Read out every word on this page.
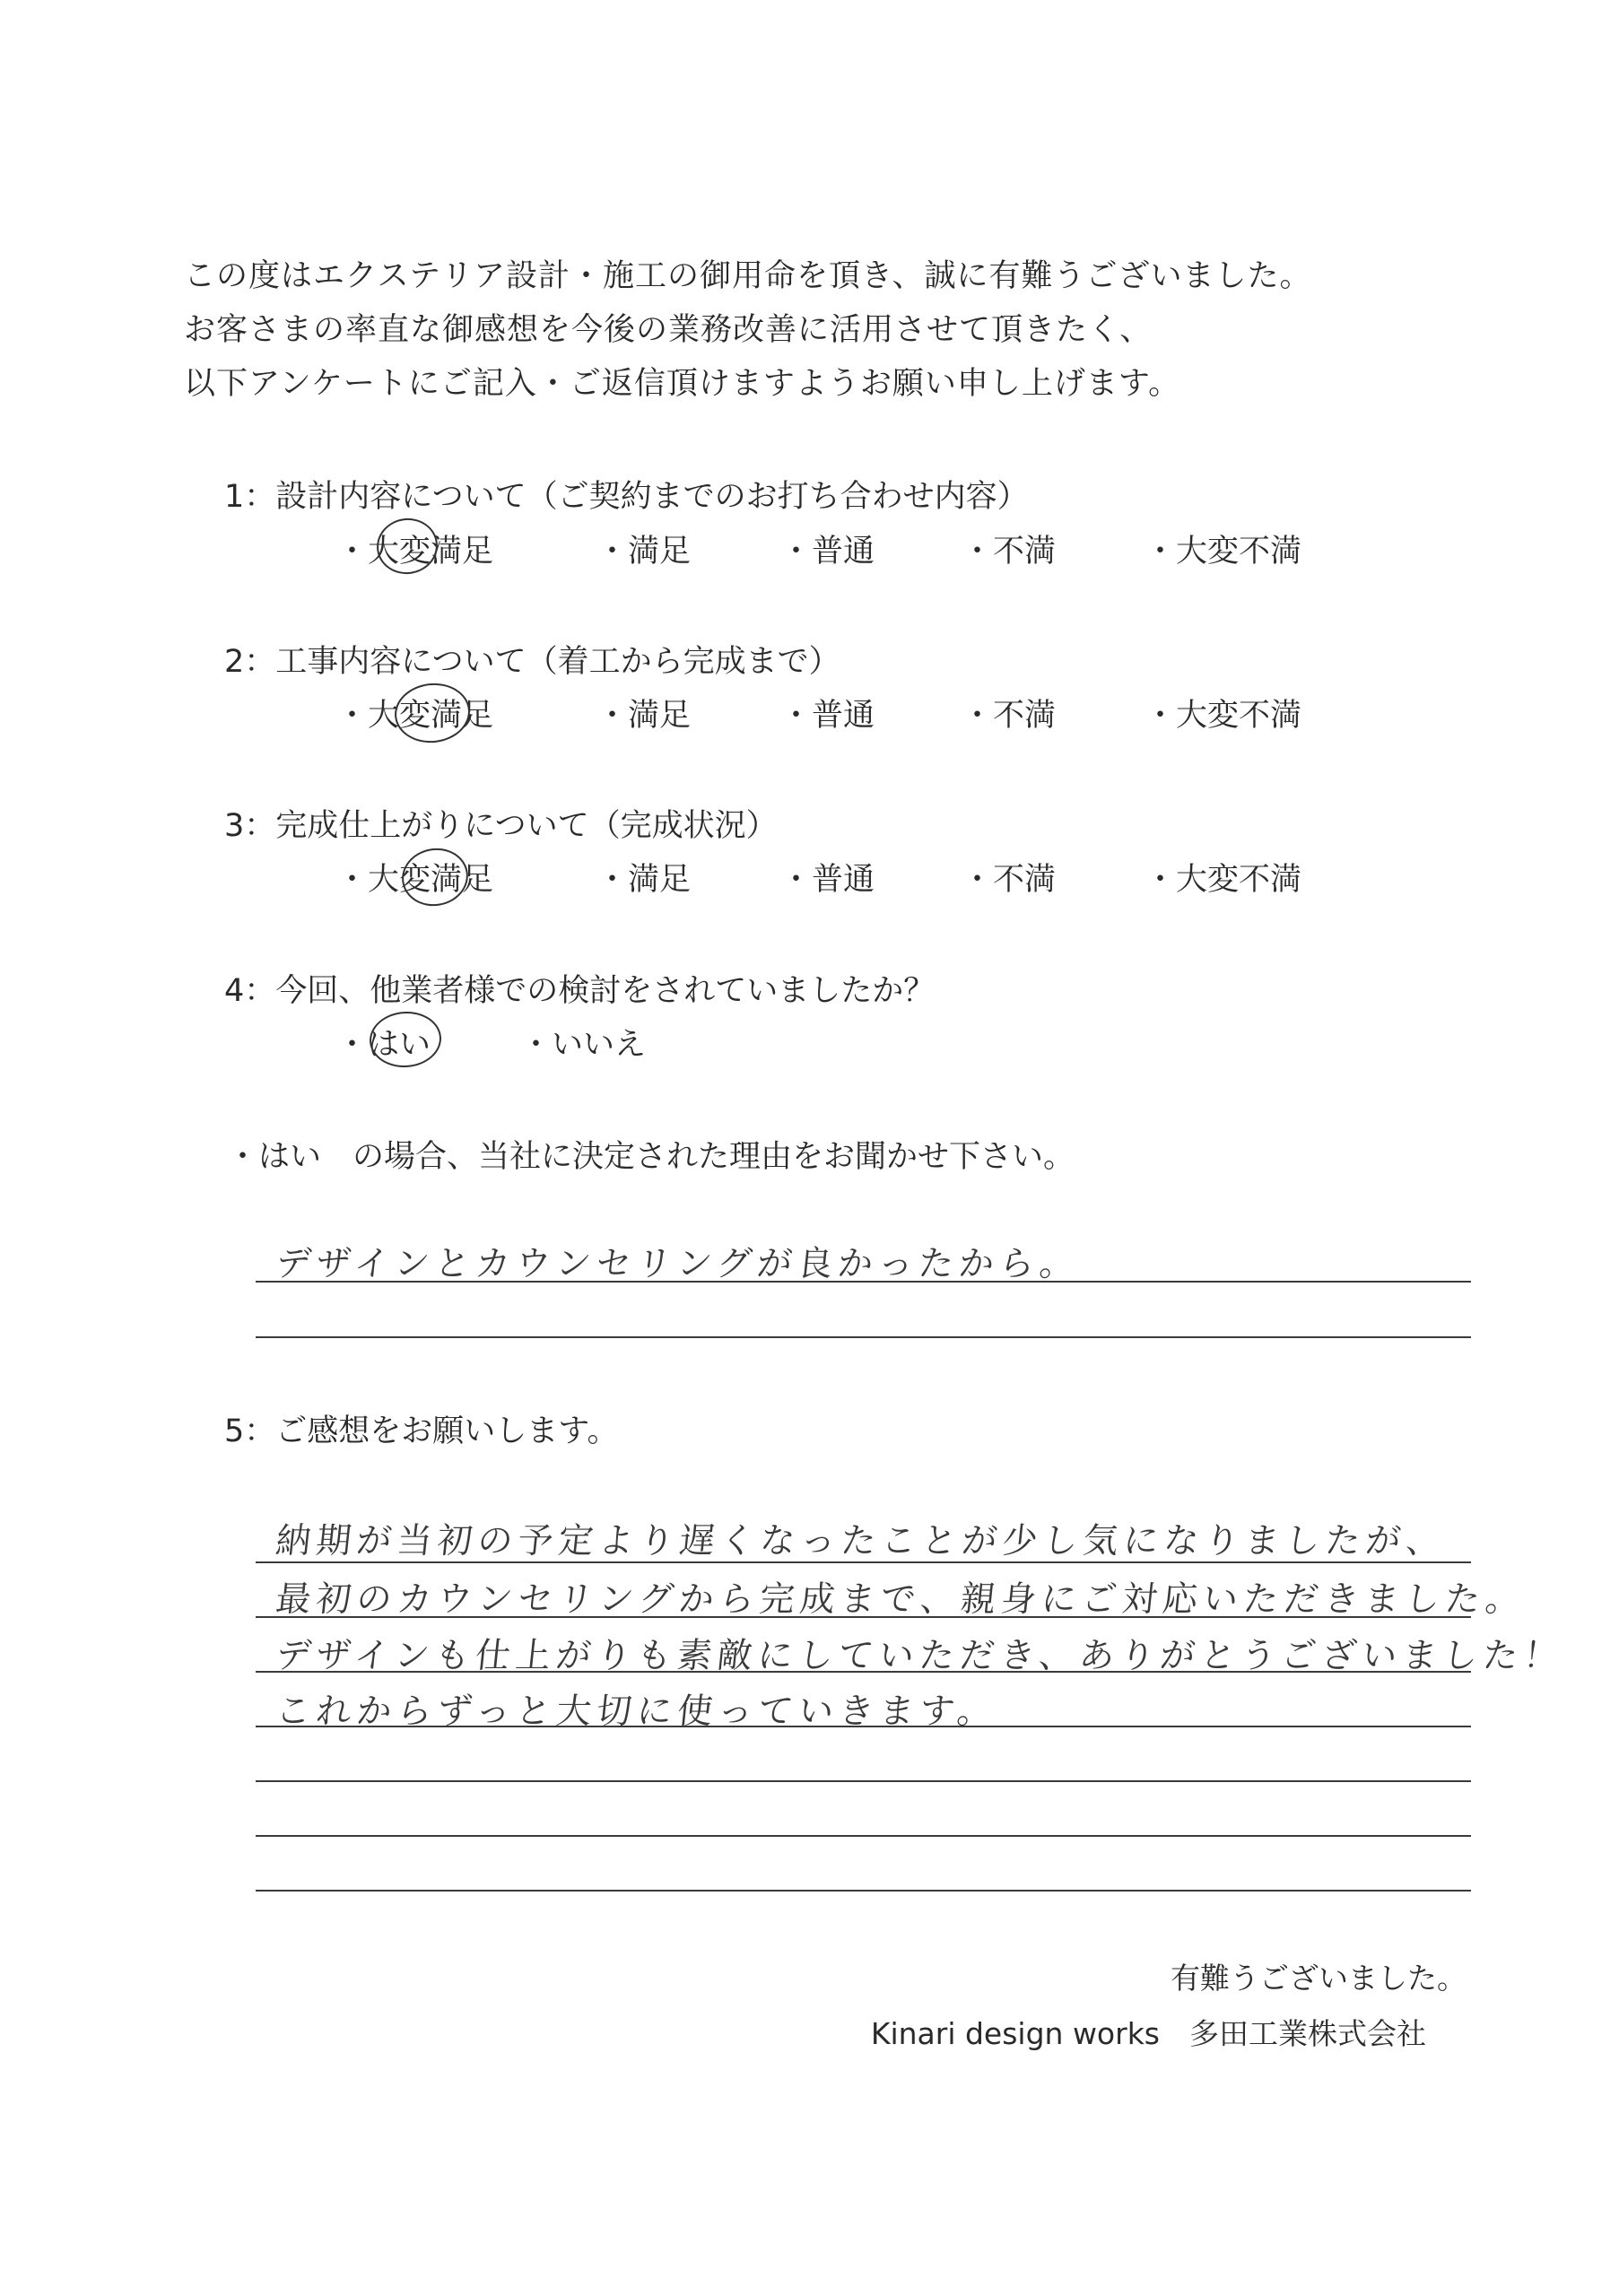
この度はエクステリア設計・施工の御用命を頂き、誠に有難うございました。
お客さまの率直な御感想を今後の業務改善に活用させて頂きたく、
以下アンケートにご記入・ご返信頂けますようお願い申し上げます。
1：設計内容について（ご契約までのお打ち合わせ内容）
・大変満足	・満足	・普通	・不満	・大変不満
2：工事内容について（着工から完成まで）
・大変満足	・満足	・普通	・不満	・大変不満
3：完成仕上がりについて（完成状況）
・大変満足	・満足	・普通	・不満	・大変不満
4：今回、他業者様での検討をされていましたか？
・はい	・いいえ
・はい　の場合、当社に決定された理由をお聞かせ下さい。
デザインとカウンセリングが良かったから。
5：ご感想をお願いします。
納期が当初の予定より遅くなったことが少し気になりましたが、
最初のカウンセリングから完成まで、親身にご対応いただきました。
デザインも仕上がりも素敵にしていただき、ありがとうございました！
これからずっと大切に使っていきます。
有難うございました。
Kinari design works　多田工業株式会社
